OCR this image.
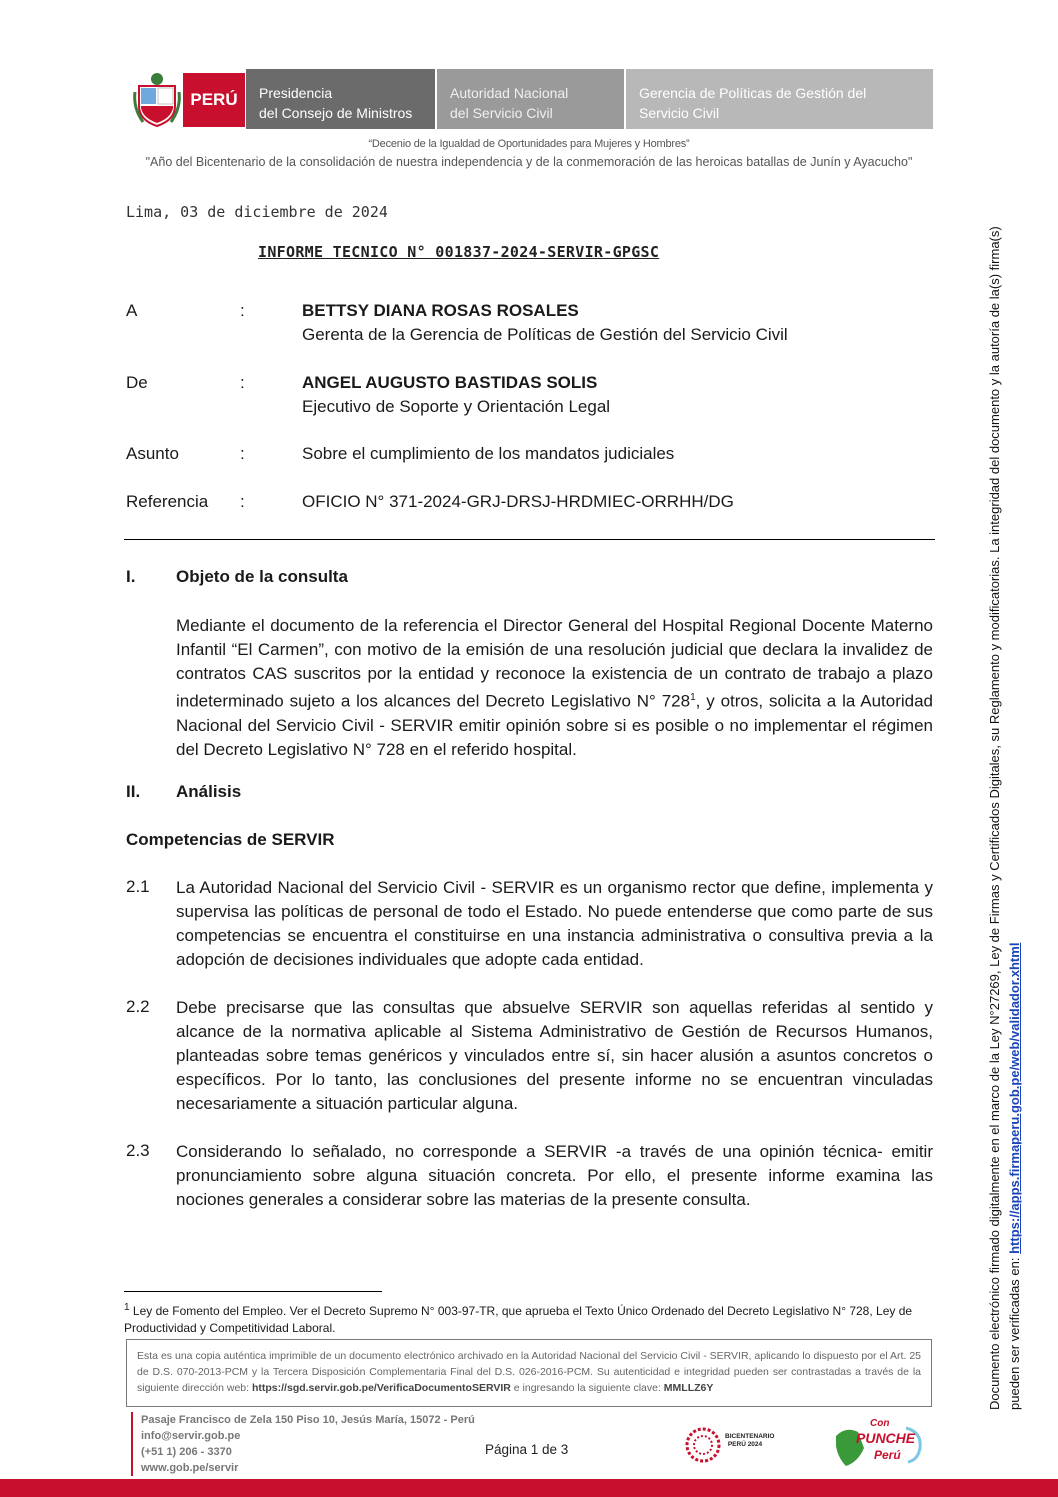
PERÚ Presidencia
del Consejo de Ministros
Autoridad Nacional
del Servicio Civil
Gerencia de Políticas de Gestión del
Servicio Civil
“Decenio de la Igualdad de Oportunidades para Mujeres y Hombres”
"Año del Bicentenario de la consolidación de nuestra independencia y de la conmemoración de las heroicas batallas de Junín y Ayacucho"
Lima, 03 de diciembre de 2024
INFORME TECNICO N° 001837-2024-SERVIR-GPGSC
A	:	BETTSY DIANA ROSAS ROSALES
Gerenta de la Gerencia de Políticas de Gestión del Servicio Civil
De	:	ANGEL AUGUSTO BASTIDAS SOLIS
Ejecutivo de Soporte y Orientación Legal
Asunto	:	Sobre el cumplimiento de los mandatos judiciales
Referencia :	OFICIO N° 371-2024-GRJ-DRSJ-HRDMIEC-ORRHH/DG
I. Objeto de la consulta
Mediante el documento de la referencia el Director General del Hospital Regional Docente Materno Infantil “El Carmen”, con motivo de la emisión de una resolución judicial que declara la invalidez de contratos CAS suscritos por la entidad y reconoce la existencia de un contrato de trabajo a plazo indeterminado sujeto a los alcances del Decreto Legislativo N° $728^1$, y otros, solicita a la Autoridad Nacional del Servicio Civil - SERVIR emitir opinión sobre si es posible o no implementar el régimen del Decreto Legislativo N° 728 en el referido hospital.
II. Análisis
Competencias de SERVIR
2.1 La Autoridad Nacional del Servicio Civil - SERVIR es un organismo rector que define, implementa y supervisa las políticas de personal de todo el Estado. No puede entenderse que como parte de sus competencias se encuentra el constituirse en una instancia administrativa o consultiva previa a la adopción de decisiones individuales que adopte cada entidad.
2.2 Debe precisarse que las consultas que absuelve SERVIR son aquellas referidas al sentido y alcance de la normativa aplicable al Sistema Administrativo de Gestión de Recursos Humanos, planteadas sobre temas genéricos y vinculados entre sí, sin hacer alusión a asuntos concretos o específicos. Por lo tanto, las conclusiones del presente informe no se encuentran vinculadas necesariamente a situación particular alguna.
2.3 Considerando lo señalado, no corresponde a SERVIR -a través de una opinión técnica- emitir pronunciamiento sobre alguna situación concreta. Por ello, el presente informe examina las nociones generales a considerar sobre las materias de la presente consulta.
$^1$ Ley de Fomento del Empleo. Ver el Decreto Supremo N° 003-97-TR, que aprueba el Texto Único Ordenado del Decreto Legislativo N° 728, Ley de Productividad y Competitividad Laboral.
Esta es una copia auténtica imprimible de un documento electrónico archivado en la Autoridad Nacional del Servicio Civil - SERVIR, aplicando lo dispuesto por el Art. 25 de D.S. 070-2013-PCM y la Tercera Disposición Complementaria Final del D.S. 026-2016-PCM. Su autenticidad e integridad pueden ser contrastadas a través de la siguiente dirección web: https://sgd.servir.gob.pe/VerificaDocumentoSERVIR e ingresando la siguiente clave: MMLLZ6Y
Pasaje Francisco de Zela 150 Piso 10, Jesús María, 15072 - Perú
info@servir.gob.pe
(+51 1) 206 - 3370
www.gob.pe/servir
Página 1 de 3
BICENTENARIO PERÚ 2024
Con
PUNCHE
Perú
Documento electrónico firmado digitalmente en el marco de la Ley N°27269, Ley de Firmas y Certificados Digitales, su Reglamento y modificatorias. La integridad del documento y la autoría de la(s) firma(s) pueden ser verificadas en: https://apps.firmaperu.gob.pe/web/validador.xhtml
